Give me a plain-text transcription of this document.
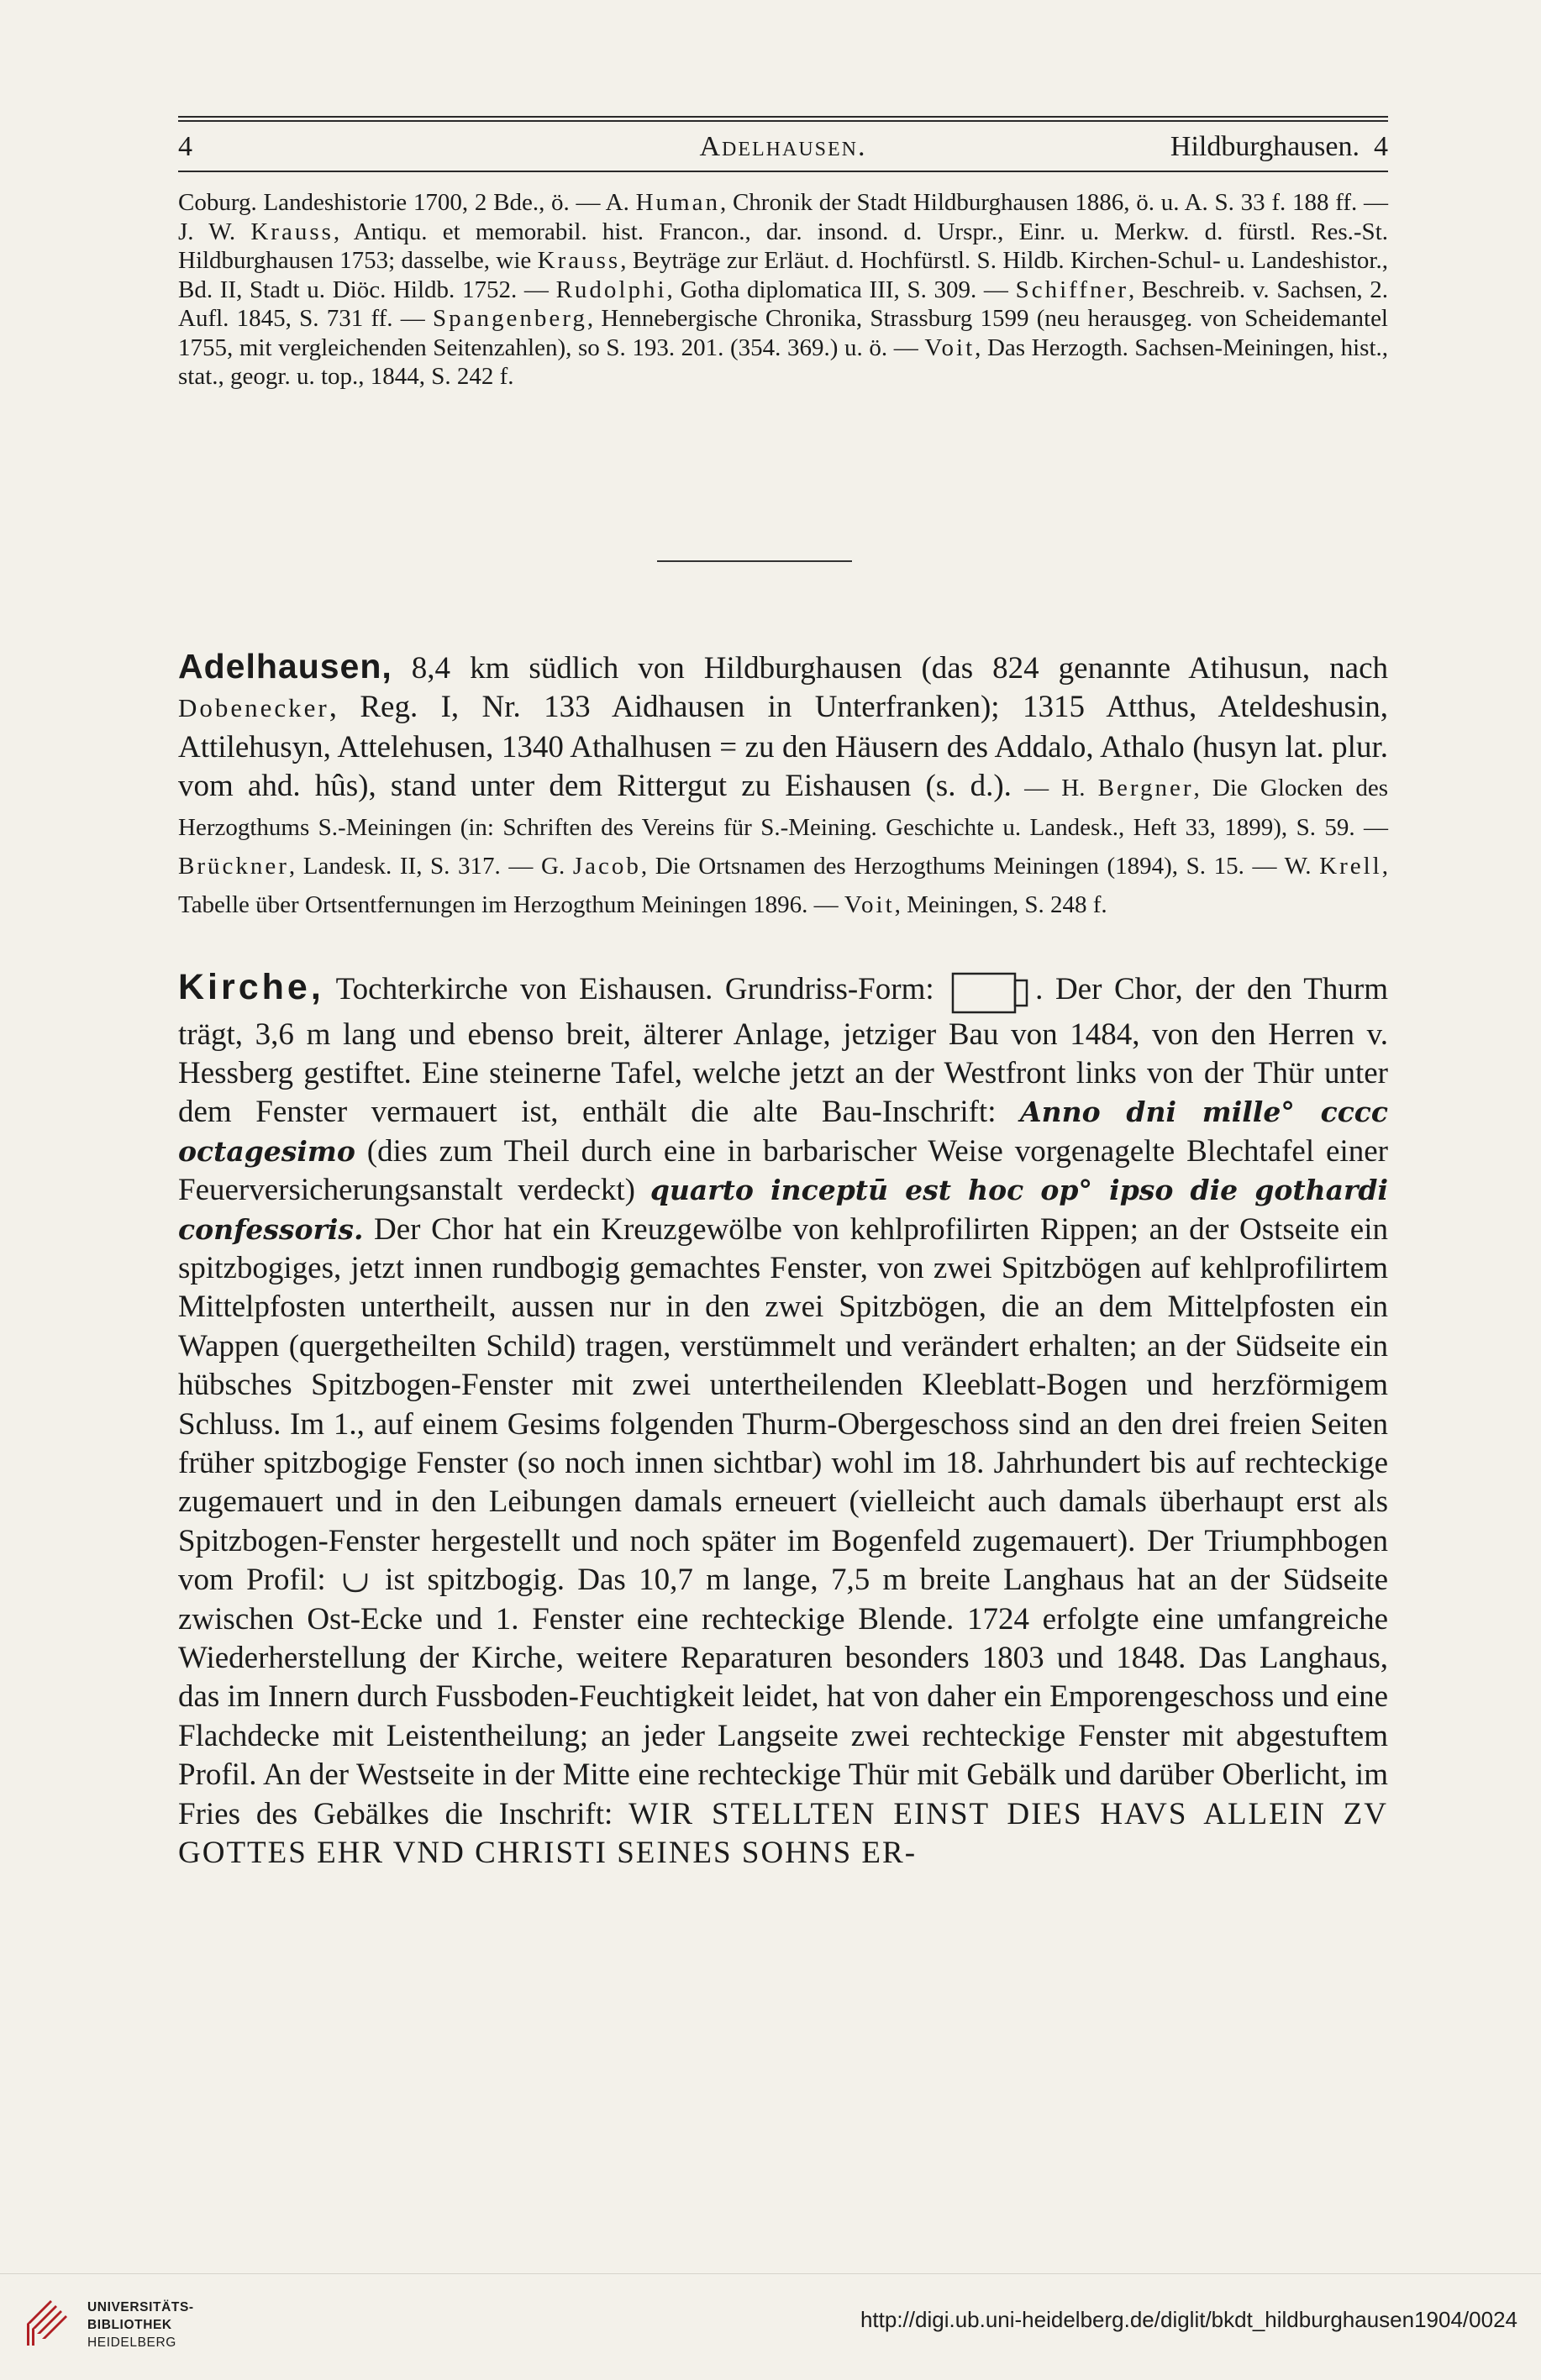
4	Adelhausen.	Hildburghausen. 4
Coburg. Landeshistorie 1700, 2 Bde., ö. — A. Human, Chronik der Stadt Hildburghausen 1886, ö. u. A. S. 33 f. 188 ff. — J. W. Krauss, Antiqu. et memorabil. hist. Francon., dar. insond. d. Urspr., Einr. u. Merkw. d. fürstl. Res.-St. Hildburghausen 1753; dasselbe, wie Krauss, Beyträge zur Erläut. d. Hochfürstl. S. Hildb. Kirchen-Schul- u. Landeshistor., Bd. II, Stadt u. Diöc. Hildb. 1752. — Rudolphi, Gotha diplomatica III, S. 309. — Schiffner, Beschreib. v. Sachsen, 2. Aufl. 1845, S. 731 ff. — Spangenberg, Hennebergische Chronika, Strassburg 1599 (neu herausgeg. von Scheidemantel 1755, mit vergleichenden Seitenzahlen), so S. 193. 201. (354. 369.) u. ö. — Voit, Das Herzogth. Sachsen-Meiningen, hist., stat., geogr. u. top., 1844, S. 242 f.
Adelhausen, 8,4 km südlich von Hildburghausen (das 824 genannte Atihusun, nach Dobenecker, Reg. I, Nr. 133 Aidhausen in Unterfranken); 1315 Atthus, Ateldeshusin, Attilehusyn, Attelehusen, 1340 Athalhusen = zu den Häusern des Addalo, Athalo (husyn lat. plur. vom ahd. hûs), stand unter dem Rittergut zu Eishausen (s. d.). — H. Bergner, Die Glocken des Herzogthums S.-Meiningen (in: Schriften des Vereins für S.-Meining. Geschichte u. Landesk., Heft 33, 1899), S. 59. — Brückner, Landesk. II, S. 317. — G. Jacob, Die Ortsnamen des Herzogthums Meiningen (1894), S. 15. — W. Krell, Tabelle über Ortsentfernungen im Herzogthum Meiningen 1896. — Voit, Meiningen, S. 248 f.
Kirche, Tochterkirche von Eishausen. Grundriss-Form:	. Der Chor, der den Thurm trägt, 3,6 m lang und ebenso breit, älterer Anlage, jetziger Bau von 1484, von den Herren v. Hessberg gestiftet. Eine steinerne Tafel, welche jetzt an der Westfront links von der Thür unter dem Fenster vermauert ist, enthält die alte Bau-Inschrift: Anno dni mille° cccc octagesimo (dies zum Theil durch eine in barbarischer Weise vorgenagelte Blechtafel einer Feuerversicherungsanstalt verdeckt) quarto inceptū est hoc op° ipso die gothardi confessoris. Der Chor hat ein Kreuzgewölbe von kehlprofilirten Rippen; an der Ostseite ein spitzbogiges, jetzt innen rundbogig gemachtes Fenster, von zwei Spitzbögen auf kehlprofilirtem Mittelpfosten untertheilt, aussen nur in den zwei Spitzbögen, die an dem Mittelpfosten ein Wappen (quergetheilten Schild) tragen, verstümmelt und verändert erhalten; an der Südseite ein hübsches Spitzbogen-Fenster mit zwei untertheilenden Kleeblatt-Bogen und herzförmigem Schluss. Im 1., auf einem Gesims folgenden Thurm-Obergeschoss sind an den drei freien Seiten früher spitzbogige Fenster (so noch innen sichtbar) wohl im 18. Jahrhundert bis auf rechteckige zugemauert und in den Leibungen damals erneuert (vielleicht auch damals überhaupt erst als Spitzbogen-Fenster hergestellt und noch später im Bogenfeld zugemauert). Der Triumphbogen vom Profil:  ist spitzbogig. Das 10,7 m lange, 7,5 m breite Langhaus hat an der Südseite zwischen Ost-Ecke und 1. Fenster eine rechteckige Blende. 1724 erfolgte eine umfangreiche Wiederherstellung der Kirche, weitere Reparaturen besonders 1803 und 1848. Das Langhaus, das im Innern durch Fussboden-Feuchtigkeit leidet, hat von daher ein Emporengeschoss und eine Flachdecke mit Leistentheilung; an jeder Langseite zwei rechteckige Fenster mit abgestuftem Profil. An der Westseite in der Mitte eine rechteckige Thür mit Gebälk und darüber Oberlicht, im Fries des Gebälkes die Inschrift: WIR STELLTEN EINST DIES HAVS ALLEIN ZV GOTTES EHR VND CHRISTI SEINES SOHNS ER-
UNIVERSITÄTS-
BIBLIOTHEK
HEIDELBERG
http://digi.ub.uni-heidelberg.de/diglit/bkdt_hildburghausen1904/0024
